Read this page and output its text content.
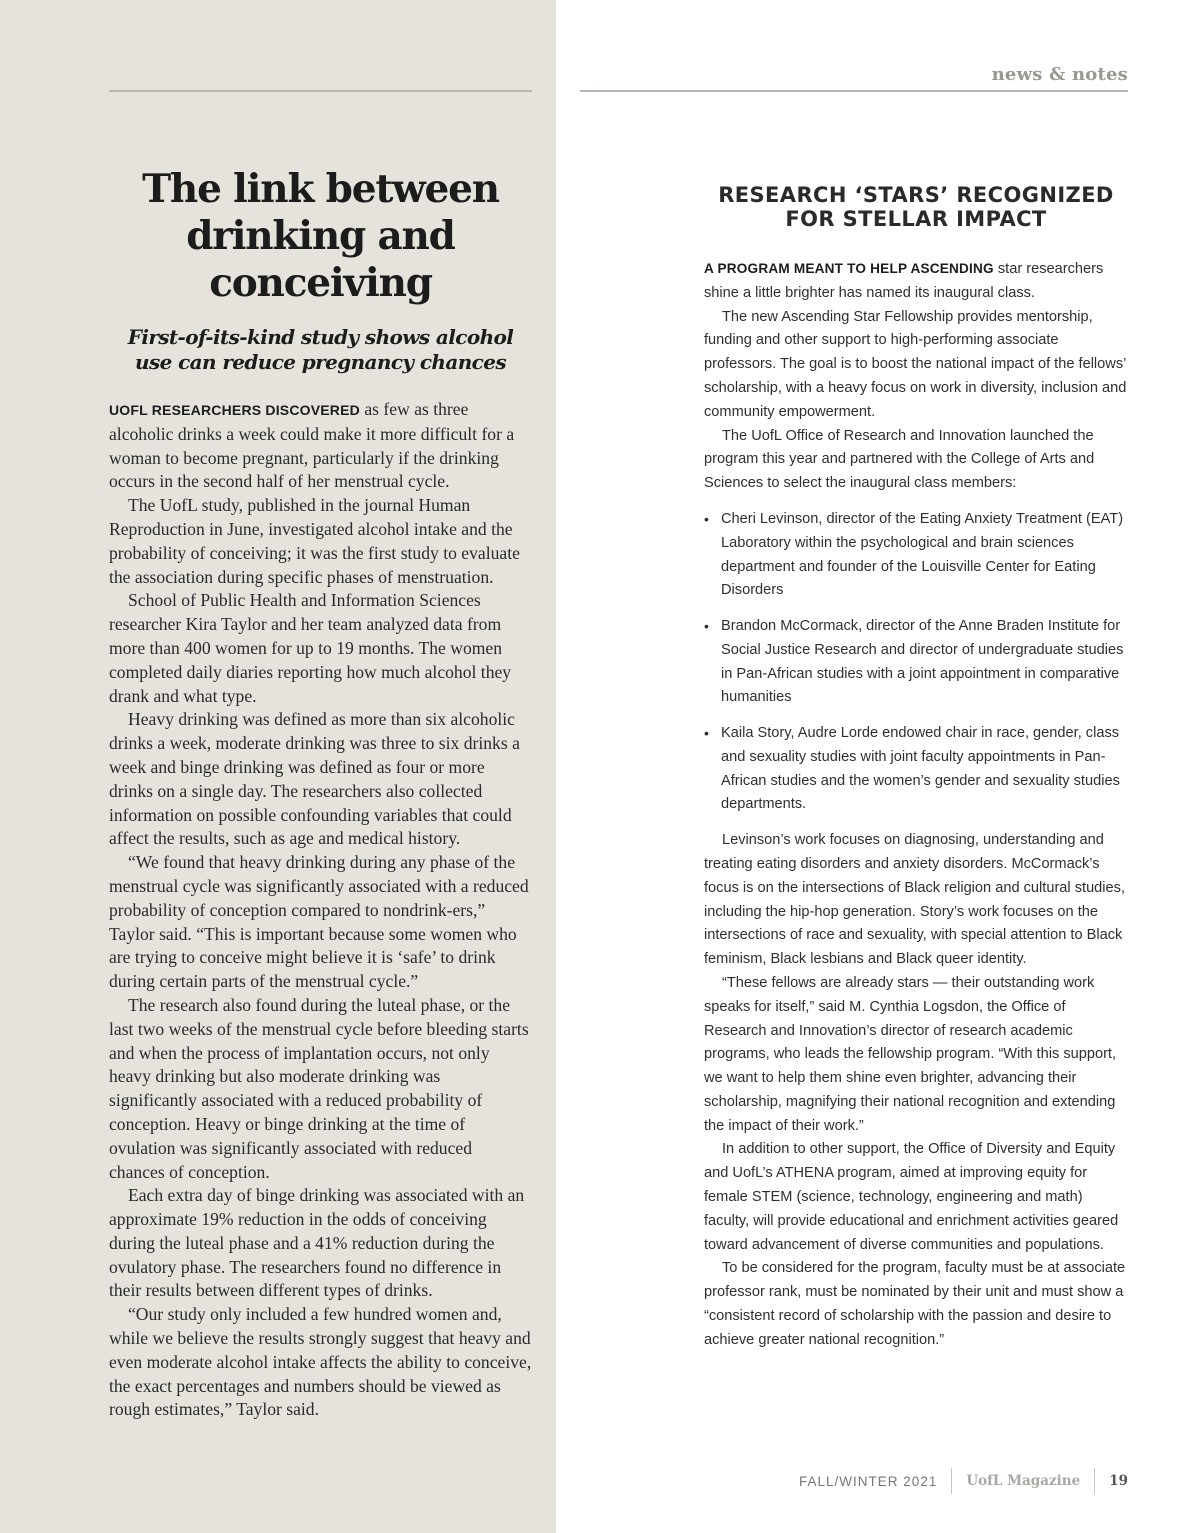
news & notes
The link between drinking and conceiving
First-of-its-kind study shows alcohol use can reduce pregnancy chances

UOFL RESEARCHERS DISCOVERED as few as three alcoholic drinks a week could make it more difficult for a woman to become pregnant, particularly if the drinking occurs in the second half of her menstrual cycle.

The UofL study, published in the journal Human Reproduction in June, investigated alcohol intake and the probability of conceiving; it was the first study to evaluate the association during specific phases of menstruation.

School of Public Health and Information Sciences researcher Kira Taylor and her team analyzed data from more than 400 women for up to 19 months. The women completed daily diaries reporting how much alcohol they drank and what type.

Heavy drinking was defined as more than six alcoholic drinks a week, moderate drinking was three to six drinks a week and binge drinking was defined as four or more drinks on a single day. The researchers also collected information on possible confounding variables that could affect the results, such as age and medical history.

“We found that heavy drinking during any phase of the menstrual cycle was significantly associated with a reduced probability of conception compared to nondrink-ers,” Taylor said. “This is important because some women who are trying to conceive might believe it is ‘safe’ to drink during certain parts of the menstrual cycle.”

The research also found during the luteal phase, or the last two weeks of the menstrual cycle before bleeding starts and when the process of implantation occurs, not only heavy drinking but also moderate drinking was significantly associated with a reduced probability of conception. Heavy or binge drinking at the time of ovulation was significantly associated with reduced chances of conception.

Each extra day of binge drinking was associated with an approximate 19% reduction in the odds of conceiving during the luteal phase and a 41% reduction during the ovulatory phase. The researchers found no difference in their results between different types of drinks.

“Our study only included a few hundred women and, while we believe the results strongly suggest that heavy and even moderate alcohol intake affects the ability to conceive, the exact percentages and numbers should be viewed as rough estimates,” Taylor said.

RESEARCH ‘STARS’ RECOGNIZED FOR STELLAR IMPACT

A PROGRAM MEANT TO HELP ASCENDING star researchers shine a little brighter has named its inaugural class.

The new Ascending Star Fellowship provides mentorship, funding and other support to high-performing associate professors. The goal is to boost the national impact of the fellows’ scholarship, with a heavy focus on work in diversity, inclusion and community empowerment.

The UofL Office of Research and Innovation launched the program this year and partnered with the College of Arts and Sciences to select the inaugural class members:

• Cheri Levinson, director of the Eating Anxiety Treatment (EAT) Laboratory within the psychological and brain sciences department and founder of the Louisville Center for Eating Disorders
• Brandon McCormack, director of the Anne Braden Institute for Social Justice Research and director of undergraduate studies in Pan-African studies with a joint appointment in comparative humanities
• Kaila Story, Audre Lorde endowed chair in race, gender, class and sexuality studies with joint faculty appointments in Pan-African studies and the women’s gender and sexuality studies departments.

Levinson’s work focuses on diagnosing, understanding and treating eating disorders and anxiety disorders. McCormack’s focus is on the intersections of Black religion and cultural studies, including the hip-hop generation. Story’s work focuses on the intersections of race and sexuality, with special attention to Black feminism, Black lesbians and Black queer identity.

“These fellows are already stars — their outstanding work speaks for itself,” said M. Cynthia Logsdon, the Office of Research and Innovation’s director of research academic programs, who leads the fellowship program. “With this support, we want to help them shine even brighter, advancing their scholarship, magnifying their national recognition and extending the impact of their work.”

In addition to other support, the Office of Diversity and Equity and UofL’s ATHENA program, aimed at improving equity for female STEM (science, technology, engineering and math) faculty, will provide educational and enrichment activities geared toward advancement of diverse communities and populations.

To be considered for the program, faculty must be at associate professor rank, must be nominated by their unit and must show a “consistent record of scholarship with the passion and desire to achieve greater national recognition.”

FALL/WINTER 2021 UofL Magazine 19
